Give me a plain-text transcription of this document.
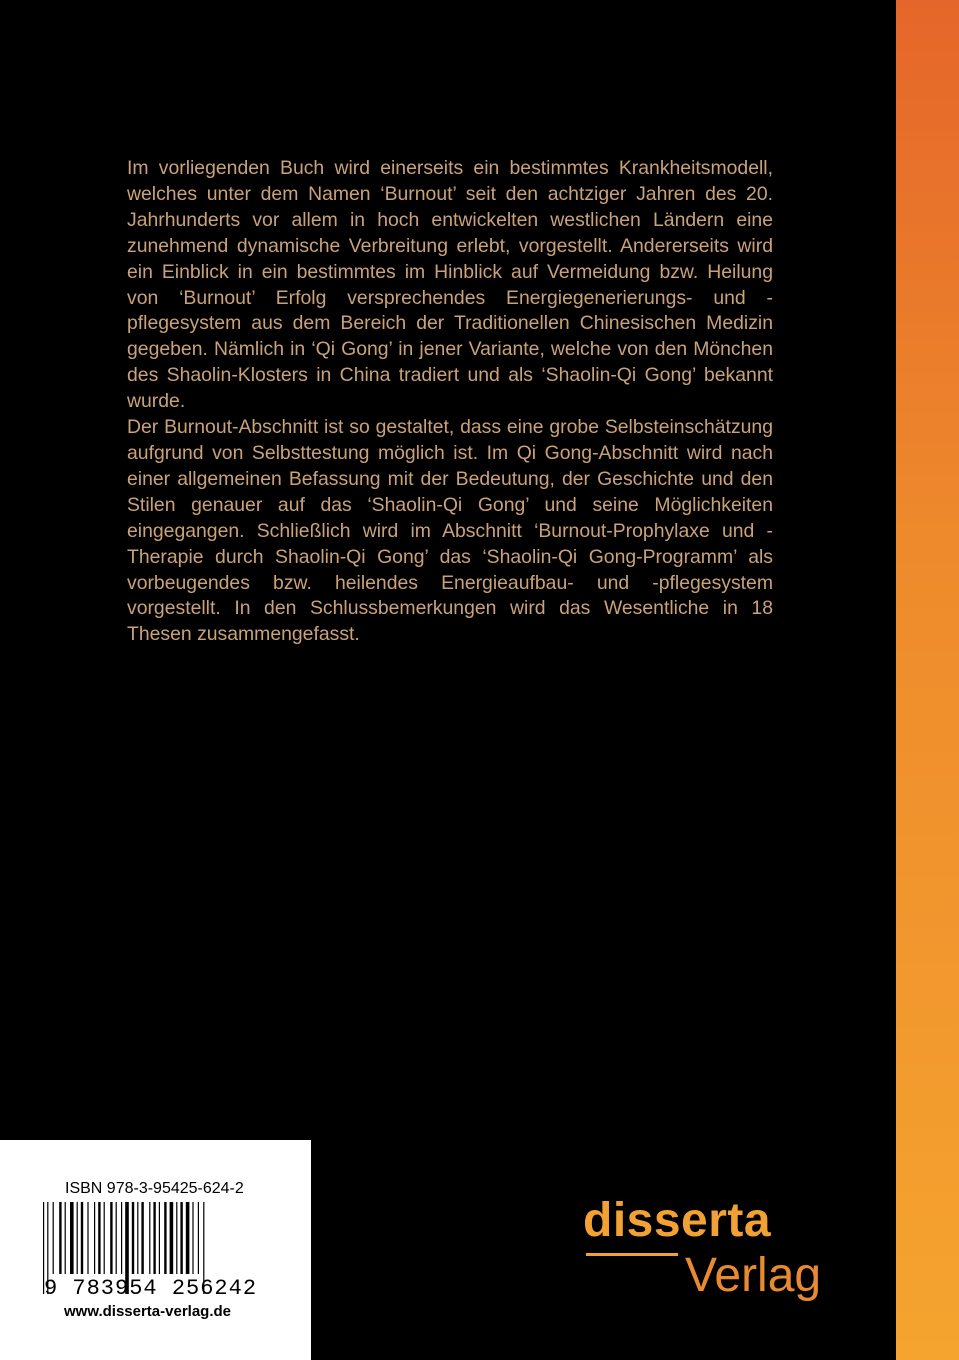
Im vorliegenden Buch wird einerseits ein bestimmtes Krankheitsmodell, welches unter dem Namen ‘Burnout’ seit den achtziger Jahren des 20. Jahrhunderts vor allem in hoch entwickelten westlichen Ländern eine zunehmend dynamische Verbreitung erlebt, vorgestellt. Andererseits wird ein Einblick in ein bestimmtes im Hinblick auf Vermeidung bzw. Heilung von ‘Burnout’ Erfolg versprechendes Energiegenerierungs- und -pflegesystem aus dem Bereich der Traditionellen Chinesischen Medizin gegeben. Nämlich in ‘Qi Gong’ in jener Variante, welche von den Mönchen des Shaolin-Klosters in China tradiert und als ‘Shaolin-Qi Gong’ bekannt wurde.

Der Burnout-Abschnitt ist so gestaltet, dass eine grobe Selbsteinschätzung aufgrund von Selbsttestung möglich ist. Im Qi Gong-Abschnitt wird nach einer allgemeinen Befassung mit der Bedeutung, der Geschichte und den Stilen genauer auf das ‘Shaolin-Qi Gong’ und seine Möglichkeiten eingegangen. Schließlich wird im Abschnitt ‘Burnout-Prophylaxe und -Therapie durch Shaolin-Qi Gong’ das ‘Shaolin-Qi Gong-Programm’ als vorbeugendes bzw. heilendes Energieaufbau- und -pflegesystem vorgestellt. In den Schlussbemerkungen wird das Wesentliche in 18 Thesen zusammengefasst.

ISBN 978-3-95425-624-2
9 783954 256242
www.disserta-verlag.de
disserta
Verlag
